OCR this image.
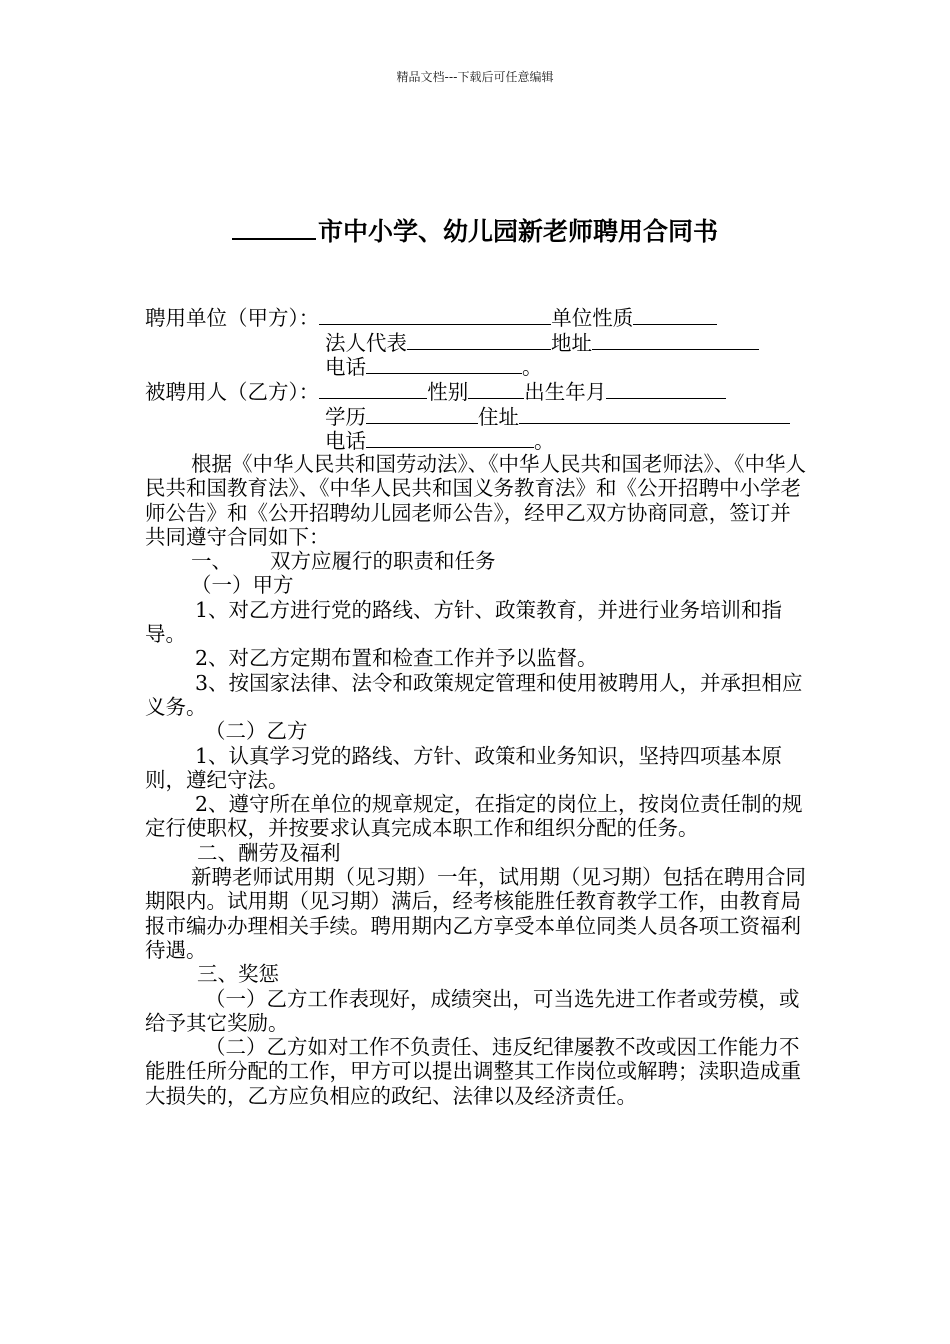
精品文档---下载后可任意编辑
市中小学、幼儿园新老师聘用合同书
聘用单位（甲方）：	单位性质
法人代表	地址
电话	。
被聘用人（乙方）：	性别	出生年月
学历	住址
电话	。

根据《中华人民共和国劳动法》、《中华人民共和国老师法》、《中华人民共和国教育法》、《中华人民共和国义务教育法》和《公开招聘中小学老师公告》和《公开招聘幼儿园老师公告》，经甲乙双方协商同意，签订并共同遵守合同如下：

一、 双方应履行的职责和任务

（一）甲方

1、对乙方进行党的路线、方针、政策教育，并进行业务培训和指导。

2、对乙方定期布置和检查工作并予以监督。

3、按国家法律、法令和政策规定管理和使用被聘用人，并承担相应义务。

（二）乙方

1、认真学习党的路线、方针、政策和业务知识，坚持四项基本原则，遵纪守法。

2、遵守所在单位的规章规定，在指定的岗位上，按岗位责任制的规定行使职权，并按要求认真完成本职工作和组织分配的任务。

二、酬劳及福利

新聘老师试用期（见习期）一年，试用期（见习期）包括在聘用合同期限内。试用期（见习期）满后，经考核能胜任教育教学工作，由教育局报市编办办理相关手续。聘用期内乙方享受本单位同类人员各项工资福利待遇。

三、奖惩

（一）乙方工作表现好，成绩突出，可当选先进工作者或劳模，或给予其它奖励。

（二）乙方如对工作不负责任、违反纪律屡教不改或因工作能力不能胜任所分配的工作，甲方可以提出调整其工作岗位或解聘；渎职造成重大损失的，乙方应负相应的政纪、法律以及经济责任。
